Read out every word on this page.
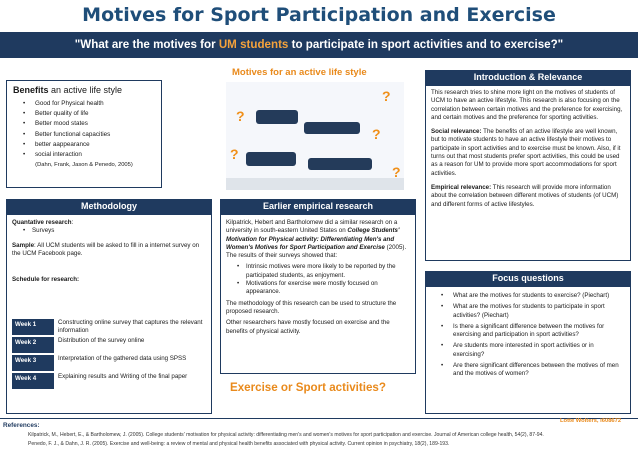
Motives for Sport Participation and Exercise
"What are the motives for UM students to participate in sport activities and to exercise?"
Benefits an active life style
• Good for Physical health
• Better quality of life
• Better mood states
• Better functional capacities
• better aappearance
• social interaction
(Dahn, Frank, Jason & Penedo, 2005)
Motives for an active life style
?
?
?
?
?
Methodology
Quantative research:
• Surveys
Sample: All UCM students will be asked to fill in a internet survey on the UCM Facebook page.
Schedule for research:
Week 1	Constructing online survey that captures the relevant information
Week 2	Distribution of the survey online
Week 3	Interpretation of the gathered data using SPSS
Week 4	Explaining results and Writing of the final paper
Earlier empirical research

Kilpatrick, Hebert and Bartholomew did a similar research on a university in south-eastern United States on College Students' Motivation for Physical activity: Differentiating Men's and Women's Motives for Sport Participation and Exercise (2005). The results of their surveys showed that:

• Intrinsic motives were more likely to be reported by the participated students, as enjoyment.
• Motivations for exercise were mostly focused on appearance.

The methodology of this research can be used to structure the proposed research.

Other researchers have mostly focused on exercise and the benefits of physical activity.

Exercise or Sport activities?
Introduction & Relevance

This research tries to shine more light on the motives of students of UCM to have an active lifestyle. This research is also focusing on the correlation between certain motives and the preference for exercising, and certain motives and the preference for sporting activities.

Social relevance: The benefits of an active lifestyle are well known, but to motivate students to have an active lifestyle their motives to participate in sport activities and to exercise must be known. Also, if it turns out that most students prefer sport activities, this could be used as a reason for UM to provide more sport accommodations for sport activities.

Empirical relevance: This research will provide more information about the correlation between different motives of students (of UCM) and different forms of active lifestyles.

Focus questions
• What are the motives for students to exercise? (Piechart)
• What are the motives for students to participate in sport activities? (Piechart)
• Is there a significant difference between the motives for exercising and participation in sport activities?
• Are students more interested in sport activities or in exercising?
• Are there significant differences between the motives of men and the motives of women?
References:
Kilpatrick, M., Hebert, E., & Bartholomew, J. (2005). College students' motivation for physical activity: differentiating men's and women's motives for sport participation and exercise. Journal of American college health, 54(2), 87-94.
Penedo, F. J., & Dahn, J. R. (2005). Exercise and well-being: a review of mental and physical health benefits associated with physical activity. Current opinion in psychiatry, 18(2), 189-193.
Lotte Wolters, i608672
